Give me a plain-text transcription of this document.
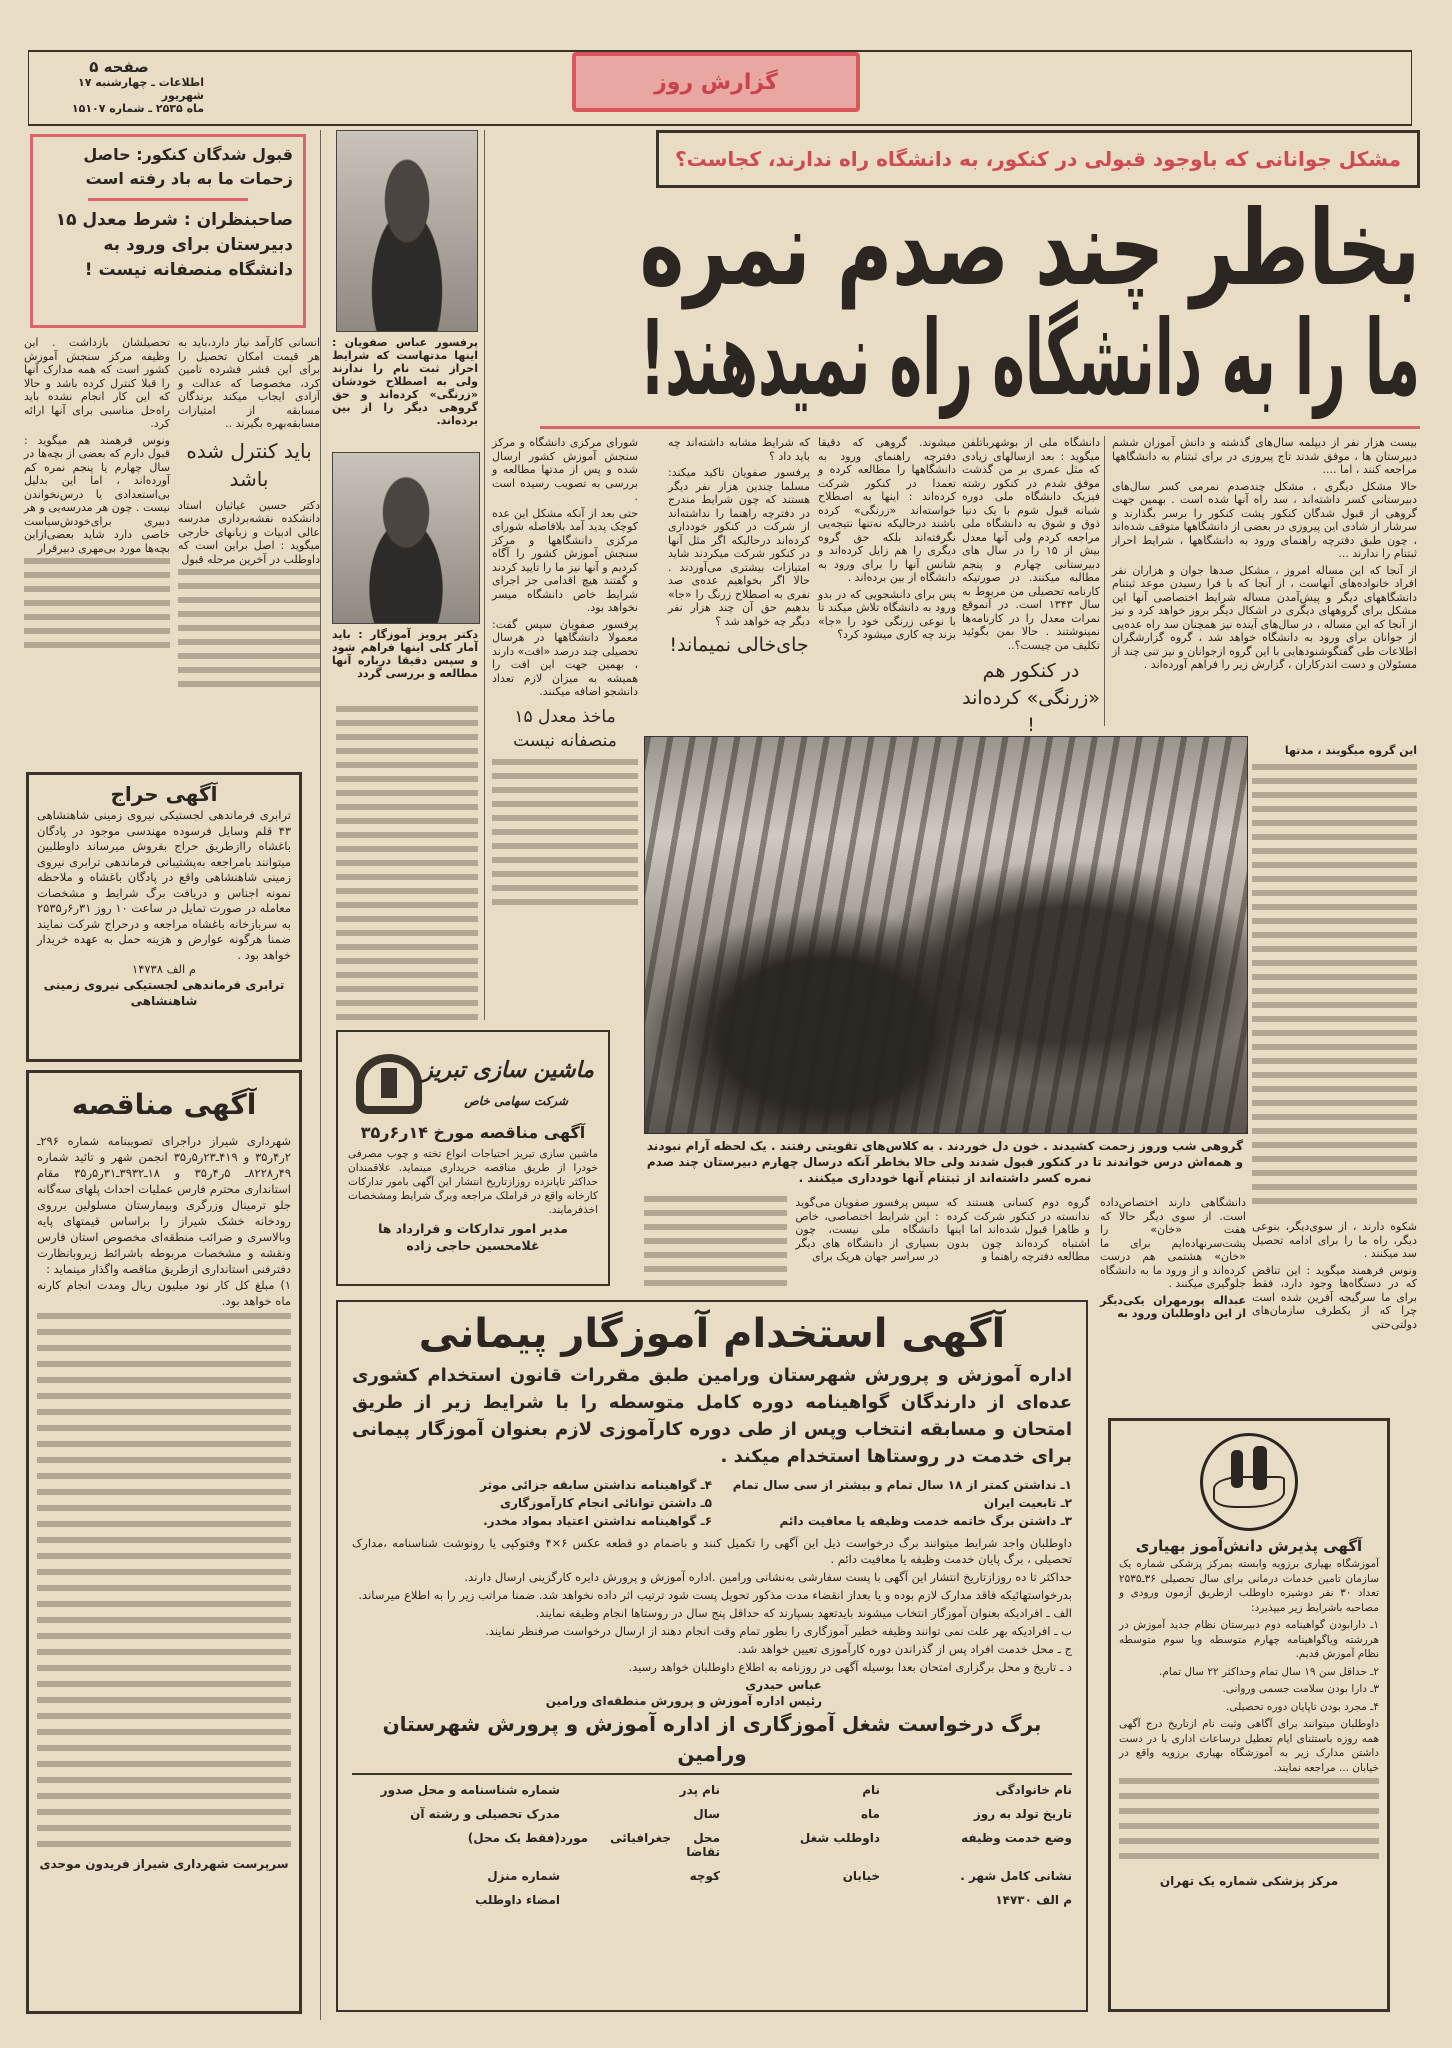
صفحه ۵
اطلاعات ـ چهارشنبه ۱۷ شهریور
ماه ۲۵۳۵ ـ شماره ۱۵۱۰۷
گزارش روز
قبول شدگان کنکور: حاصل زحمات ما به باد رفته است
صاحبنظران : شرط معدل ۱۵ دبیرستان برای ورود به دانشگاه منصفانه نیست !
پرفسور عباس صفویان : اینها مدتهاست که شرایط احراز ثبت نام را ندارند ولی به اصطلاح خودشان «زرنگی» کرده‌اند و حق گروهی دیگر را از بین برده‌اند.
دکتر پرویز آموزگار : باید آمار کلی اینها فراهم شود و سپس دقیقا درباره آنها مطالعه و بررسی گردد
مشکل جوانانی که باوجود قبولی در کنکور، به دانشگاه راه ندارند، کجاست؟
بخاطر چند صدم نمره
ما را به دانشگاه راه نمیدهند!

بیست هزار نفر از دیپلمه سال‌های گذشته و دانش آموزان ششم دبیرستان ها ، موفق شدند تاج پیروزی در برای ثبتنام به دانشگاهها مراجعه کنند ، اما ....

حالا مشکل دیگری ، مشکل چندصدم نمرمی کسر سال‌های دبیرستانی کسر داشته‌اند ، سد راه آنها شده است . بهمین جهت گروهی از قبول شدگان کنکور پشت کنکور را برسر بگذارند و سرشار از شادی این پیروزی در بعضی از دانشگاهها متوقف شده‌اند ، چون طبق دفترچه راهنمای ورود به دانشگاهها ، شرایط احراز ثبتنام را ندارند ...

از آنجا که این مساله امروز ، مشکل صدها جوان و هزاران نفر افراد خانواده‌های آنهاست ، از آنجا که با فرا رسیدن موعد ثبتنام دانشگاههای دیگر و پیش‌آمدن مساله شرایط اختصاصی آنها این مشکل برای گروههای دیگری در اشکال دیگر بروز خواهد کرد و نیز از آنجا که این مساله ، در سال‌های آینده نیز همچنان سد راه عده‌یی از جوانان برای ورود به دانشگاه خواهد شد ، گروه گزارشگران اطلاعات طی گفتگوشنودهایی با این گروه ازجوانان و نیز تنی چند از مسئولان و دست اندرکاران ، گزارش زیر را فراهم آورده‌اند .

دانشگاه ملی از بوشهرباتلفن میگوید : بعد ازسالهای زیادی که مثل عمری بر من گذشت موفق شدم در کنکور رشته فیزیک دانشگاه ملی دوره شبانه قبول شوم با یک دنیا ذوق و شوق به دانشگاه ملی مراجعه کردم ولی آنها معدل بیش از ۱۵ را در سال های دبیرستانی چهارم و پنجم مطالبه میکنند. در صورتیکه کارنامه تحصیلی من مربوط به سال ۱۳۴۳ است. در آنموقع نمرات معدل را در کارنامه‌ها نمینوشتند . حالا بمن بگوئید تکلیف من چیست؟..

در کنکور هم «زرنگی» کرده‌اند !

میشوند. گروهی که دقیقا دفترچه راهنمای ورود به دانشگاهها را مطالعه کرده و تعمدا در کنکور شرکت کرده‌اند : اینها به اصطلاح خواسته‌اند «زرنگی» کرده باشند درحالیکه نه‌تنها نتیجه‌یی نگرفته‌اند بلکه حق گروه دیگری را هم زایل کرده‌اند و شانس آنها را برای ورود به دانشگاه از بین برده‌اند .

پس برای دانشجویی که در بدو ورود به دانشگاه تلاش میکند تا با نوعی زرنگی خود را «جا» بزند چه کاری میشود کرد؟

که شرایط مشابه داشته‌اند چه باید داد ؟

پرفسور صفویان تاکید میکند: مسلما چندین هزار نفر دیگر هستند که چون شرایط مندرج در دفترچه راهنما را نداشته‌اند از شرکت در کنکور خودداری کرده‌اند درحالیکه اگر مثل آنها در کنکور شرکت میکردند شاید امتیازات بیشتری می‌آوردند . حالا اگر بخواهیم عده‌ی صد نفری به اصطلاح زرنگ را «جا» بدهیم حق آن چند هزار نفر دیگر چه خواهد شد ؟

جای‌خالی نمیماند!

شورای مرکزی دانشگاه و مرکز سنجش آموزش کشور ارسال شده و پس از مدتها مطالعه و بررسی به تصویب رسیده است .

حتی بعد از آنکه مشکل این عده کوچک پدید آمد بلافاصله شورای مرکزی دانشگاهها و مرکز سنجش آموزش کشور را آگاه کردیم و آنها نیز ما را تایید کردند و گفتند هیچ اقدامی جز اجرای شرایط خاص دانشگاه میسر نخواهد بود.

پرفسور صفویان سپس گفت: معمولا دانشگاهها در هرسال تحصیلی چند درصد «افت» دارند ، بهمین جهت این افت را همیشه به میزان لازم تعداد دانشجو اضافه میکنند.

ماخذ معدل ۱۵ منصفانه نیست

انسانی کارآمد نیاز دارد،باید به هر قیمت امکان تحصیل را برای این قشر فشرده تامین کرد، مخصوصا که عدالت و آزادی ایجاب میکند برندگان مسابقه از امتیازات مسابقه‌بهره بگیرند ..

باید کنترل شده باشد

دکتر حسین غیاثیان استاد دانشکده نقشه‌برداری مدرسه عالی ادبیات و زبانهای خارجی میگوید : اصل براین است که داوطلب در آخرین مرحله قبول

تحصیلشان بازداشت . این وظیفه مرکز سنجش آموزش کشور است که همه مدارک آنها را قبلا کنترل کرده باشد و حالا که این کار انجام نشده باید راه‌حل مناسبی برای آنها ارائه کرد.

ونوس فرهمند هم میگوید : قبول دارم که بعضی از بچه‌ها در سال چهارم یا پنجم نمره کم آورده‌اند ، اما این بدلیل بی‌استعدادی یا درس‌نخواندن نیست . چون هر مدرسه‌یی و هر دبیری برای‌خودش‌سیاست خاصی دارد شاید بعضی‌ازاین بچه‌ها مورد بی‌مهری دبیرقرار

گروهی شب وروز زحمت کشیدند . خون دل خوردند . به کلاس‌های تقویتی رفتند . یک لحظه آرام نبودند و همه‌اش درس خواندند تا در کنکور قبول شدند ولی حالا بخاطر آنکه درسال چهارم دبیرستان چند صدم نمره کسر داشته‌اند از ثبتنام آنها خودداری میکنند .

گروه دوم کسانی هستند که ندانسته در کنکور شرکت کرده و ظاهرا قبول شده‌اند اما اینها اشتباه کرده‌اند چون بدون مطالعه دفترچه راهنما و

سپس پرفسور صفویان می‌گوید : این شرایط اختصاصی، خاص دانشگاه ملی نیست، چون بسیاری از دانشگاه های دیگر در سراسر جهان هریک برای

این گروه میگویند ، مدتها

شکوه دارند ، از سوی‌دیگر، بنوعی دیگر، راه ما را برای ادامه تحصیل سد میکنند .

ونوس فرهمند میگوید : این تناقض که در دستگاه‌ها وجود دارد، فقط برای ما سرگیجه آفرین شده است چرا که از یکطرف سازمان‌های دولتی‌حتی

دانشگاهی دارند اختصاص‌داده است. از سوی دیگر حالا که هفت «خان» را پشت‌سرنهاده‌ایم برای ما «خان» هشتمی هم درست کرده‌اند و از ورود ما به دانشگاه جلوگیری میکنند .

عبداله پورمهران یکی‌دیگر از این داوطلبان ورود به

ماشین سازی تبریز
شرکت سهامی خاص
آگهی مناقصه مورخ ۱۴ر۶ر۳۵
ماشین سازی تبریز احتیاجات انواع تخته و چوب مصرفی خودرا از طریق مناقصه خریداری مینماید. علاقمندان حداکثر تاپانزده روزازتاریخ انتشار این آگهی بامور تدارکات کارخانه واقع در قراملک مراجعه وبرگ شرایط ومشخصات اخذفرمایند.
مدیر امور تدارکات و قرارداد ها
غلامحسین حاجی زاده
آگهی حراج
ترابری فرماندهی لجستیکی نیروی زمینی شاهنشاهی ۴۳ قلم وسایل فرسوده مهندسی موجود در پادگان باغشاه راازطریق حراج بفروش میرساند داوطلبین میتوانند بامراجعه به‌پشتیبانی فرماندهی ترابری نیروی زمینی شاهنشاهی واقع در پادگان باغشاه و ملاحظه نمونه اجناس و دریافت برگ شرایط و مشخصات معامله در صورت تمایل در ساعت ۱۰ روز ۳۱ر۶ر۲۵۳۵ به سربازخانه باغشاه مراجعه و درحراج شرکت نمایند ضمنا هرگونه عوارض و هزینه حمل به عهده خریدار خواهد بود .
م الف ۱۴۷۳۸
ترابری فرماندهی لجستیکی نیروی زمینی شاهنشاهی
آگهی مناقصه
شهرداری شیراز دراجرای تصویبنامه شماره ۲۹۶ـ ۲ر۴ر۳۵ و ۴۱۹ـ۲۳ر۵ر۳۵ انجمن شهر و تائید شماره ۴۹ر۸۲۲۸ـ ۵ر۴ر۳۵ و ۱۸ـ۳۹۳۲ـ۳۱ر۵ر۳۵ مقام استانداری محترم فارس عملیات احداث پلهای سه‌گانه جلو ترمینال وزرگری وبیمارستان مسلولین برروی رودخانه خشک شیراز را براساس قیمتهای پایه وبالاسری و ضرائب منطقه‌ای مخصوص استان فارس ونقشه و مشخصات مربوطه باشرائط زیروبانظارت دفترفنی استانداری ازطریق مناقصه واگذار مینماید :
۱) مبلغ کل کار نود میلیون ریال ومدت انجام کارنه ماه خواهد بود.
سرپرست شهرداری شیراز فریدون موحدی
آگهی استخدام آموزگار پیمانی
اداره آموزش و پرورش شهرستان ورامین طبق مقررات قانون استخدام کشوری عده‌ای از دارندگان گواهینامه دوره کامل متوسطه را با شرایط زیر از طریق امتحان و مسابقه انتخاب وپس از طی دوره کارآموزی لازم بعنوان آموزگار پیمانی برای خدمت در روستاها استخدام میکند .
۱ـ نداشتن کمتر از ۱۸ سال تمام و بیشتر از سی سال تمام
۲ـ تابعیت ایران
۳ـ داشتن برگ خاتمه خدمت وظیفه یا معافیت دائم
۴ـ گواهینامه نداشتن سابقه جزائی موثر
۵ـ داشتن توانائی انجام کارآموزگاری
۶ـ گواهینامه نداشتن اعتیاد بمواد مخدر.

داوطلبان واجد شرایط میتوانند برگ درخواست ذیل این آگهی را تکمیل کنند و باضمام دو قطعه عکس ۶×۴ وفتوکپی یا رونوشت شناسنامه ،مدارک تحصیلی ، برگ پایان خدمت وظیفه یا معافیت دائم .

حداکثر تا ده روزازتاریخ انتشار این آگهی با پست سفارشی به‌نشانی ورامین .اداره آموزش و پرورش دایره کارگزینی ارسال دارند.

بدرخواستهائیکه فاقد مدارک لازم بوده و یا بعداز انقضاء مدت مذکور تحویل پست شود ترتیب اثر داده نخواهد شد. ضمنا مراتب زیر را به اطلاع میرساند.

الف ـ افرادیکه بعنوان آموزگار انتخاب میشوند بایدتعهد بسپارند که حداقل پنج سال در روستاها انجام وظیفه نمایند.

ب ـ افرادیکه بهر علت نمی توانند وظیفه خطیر آموزگاری را بطور تمام وقت انجام دهند از ارسال درخواست صرفنظر نمایند.

ج ـ محل خدمت افراد پس از گذراندن دوره کارآموزی تعیین خواهد شد.

د ـ تاریخ و محل برگزاری امتحان بعدا بوسیله آگهی در روزنامه به اطلاع داوطلبان خواهد رسید.

عباس حیدری
رئیس اداره آموزش و پرورش منطقه‌ای ورامین
برگ درخواست شغل آموزگاری از اداره آموزش و پرورش شهرستان ورامین
نام خانوادگی
نام
نام پدر
شماره شناسنامه و محل صدور
تاریخ تولد به روز
ماه
سال
مدرک تحصیلی و رشته آن
وضع خدمت وظیفه
داوطلب شغل
محل جغرافیائی مورد تقاضا
(فقط یک محل)
نشانی کامل شهر .
خیابان
کوچه
شماره منزل
م الف ۱۴۷۳۰
امضاء داوطلب
آگهی پذیرش دانش‌آموز بهیاری

آموزشگاه بهیاری برزویه وابسته بمرکز پزشکی شماره یک سازمان تامین خدمات درمانی برای سال تحصیلی ۳۶ـ۲۵۳۵ تعداد ۳۰ نفر دوشیزه داوطلب ازطریق آزمون ورودی و مصاحبه باشرایط زیر میپذیرد:

۱ـ دارابودن گواهینامه دوم دبیرستان نظام جدید آموزش در هررشته ویاگواهینامه چهارم متوسطه ویا سوم متوسطه نظام آموزش قدیم.

۲ـ حداقل سن ۱۹ سال تمام وحداکثر ۲۲ سال تمام.

۳ـ دارا بودن سلامت جسمی وروانی.

۴ـ مجرد بودن تاپایان دوره تحصیلی.

داوطلبان میتوانند برای آگاهی وثبت نام ازتاریخ درج آگهی همه روزه باستثنای ایام تعطیل درساعات اداری با در دست داشتن مدارک زیر به آموزشگاه بهیاری برزویه واقع در خیابان ... مراجعه نمایند.

مرکز پزشکی شماره یک تهران
